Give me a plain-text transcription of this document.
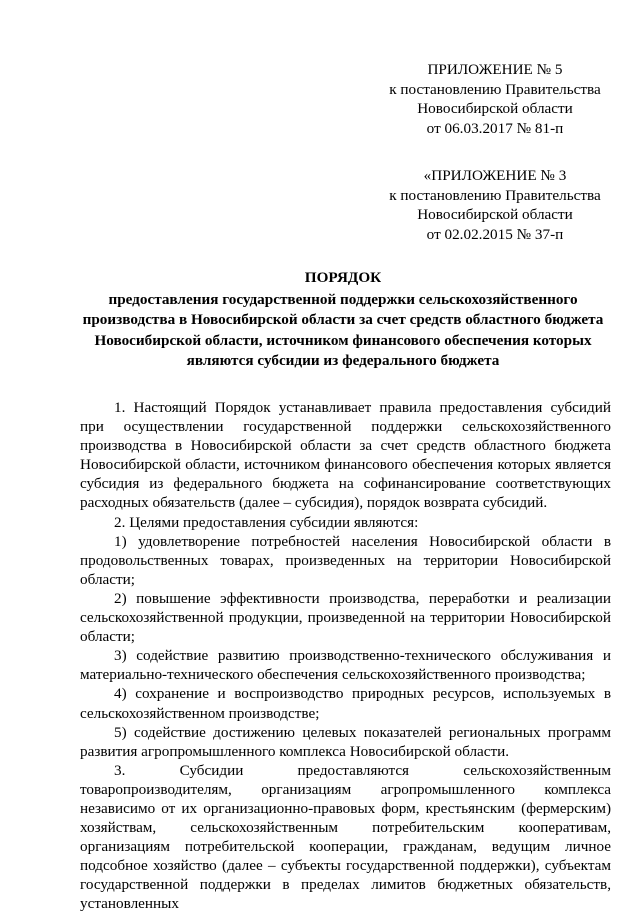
ПРИЛОЖЕНИЕ № 5
к постановлению Правительства
Новосибирской области
от 06.03.2017 № 81-п
«ПРИЛОЖЕНИЕ № 3
к постановлению Правительства
Новосибирской области
от 02.02.2015 № 37-п
ПОРЯДОК
предоставления государственной поддержки сельскохозяйственного производства в Новосибирской области за счет средств областного бюджета Новосибирской области, источником финансового обеспечения которых являются субсидии из федерального бюджета

1. Настоящий Порядок устанавливает правила предоставления субсидий при осуществлении государственной поддержки сельскохозяйственного производства в Новосибирской области за счет средств областного бюджета Новосибирской области, источником финансового обеспечения которых является субсидия из федерального бюджета на софинансирование соответствующих расходных обязательств (далее – субсидия), порядок возврата субсидий.

2. Целями предоставления субсидии являются:

1) удовлетворение потребностей населения Новосибирской области в продовольственных товарах, произведенных на территории Новосибирской области;

2) повышение эффективности производства, переработки и реализации сельскохозяйственной продукции, произведенной на территории Новосибирской области;

3) содействие развитию производственно-технического обслуживания и материально-технического обеспечения сельскохозяйственного производства;

4) сохранение и воспроизводство природных ресурсов, используемых в сельскохозяйственном производстве;

5) содействие достижению целевых показателей региональных программ развития агропромышленного комплекса Новосибирской области.

3. Субсидии предоставляются сельскохозяйственным товаропроизводителям, организациям агропромышленного комплекса независимо от их организационно-правовых форм, крестьянским (фермерским) хозяйствам, сельскохозяйственным потребительским кооперативам, организациям потребительской кооперации, гражданам, ведущим личное подсобное хозяйство (далее – субъекты государственной поддержки), субъектам государственной поддержки в пределах лимитов бюджетных обязательств, установленных
